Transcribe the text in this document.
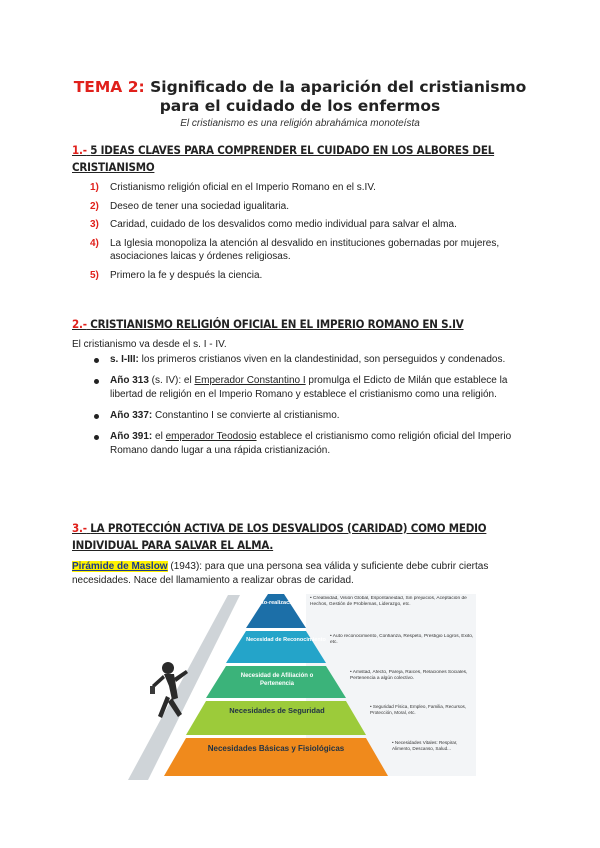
TEMA 2: Significado de la aparición del cristianismo para el cuidado de los enfermos
El cristianismo es una religión abrahámica monoteísta
1.- 5 IDEAS CLAVES PARA COMPRENDER EL CUIDADO EN LOS ALBORES DEL CRISTIANISMO
1) Cristianismo religión oficial en el Imperio Romano en el s.IV.
2) Deseo de tener una sociedad igualitaria.
3) Caridad, cuidado de los desvalidos como medio individual para salvar el alma.
4) La Iglesia monopoliza la atención al desvalido en instituciones gobernadas por mujeres, asociaciones laicas y órdenes religiosas.
5) Primero la fe y después la ciencia.
2.- CRISTIANISMO RELIGIÓN OFICIAL EN EL IMPERIO ROMANO EN S.IV
El cristianismo va desde el s. I - IV.
s. I-III: los primeros cristianos viven en la clandestinidad, son perseguidos y condenados.
Año 313 (s. IV): el Emperador Constantino I promulga el Edicto de Milán que establece la libertad de religión en el Imperio Romano y establece el cristianismo como una religión.
Año 337: Constantino I se convierte al cristianismo.
Año 391: el emperador Teodosio establece el cristianismo como religión oficial del Imperio Romano dando lugar a una rápida cristianización.
3.- LA PROTECCIÓN ACTIVA DE LOS DESVALIDOS (CARIDAD) COMO MEDIO INDIVIDUAL PARA SALVAR EL ALMA.
Pirámide de Maslow (1943): para que una persona sea válida y suficiente debe cubrir ciertas necesidades. Nace del llamamiento a realizar obras de caridad.
Auto-realización
Necesidad de Reconocimiento
Necesidad de Afiliación o Pertenencia
Necesidades de Seguridad
Necesidades Básicas y Fisiológicas
• Creatividad, Visión Global, Espontaneidad, Sin prejuicios, Aceptación de Hechos, Gestión de Problemas, Liderazgo, etc.
• Auto reconocimiento, Confianza, Respeto, Prestigio Logros, Éxito, etc.
• Amistad, Afecto, Pareja, Raíces, Relaciones Sociales, Pertenencia a algún colectivo.
• Seguridad Física, Empleo, Familia, Recursos, Protección, Moral, etc.
• Necesidades Vitales: Respirar, Alimento, Descanso, Salud...
